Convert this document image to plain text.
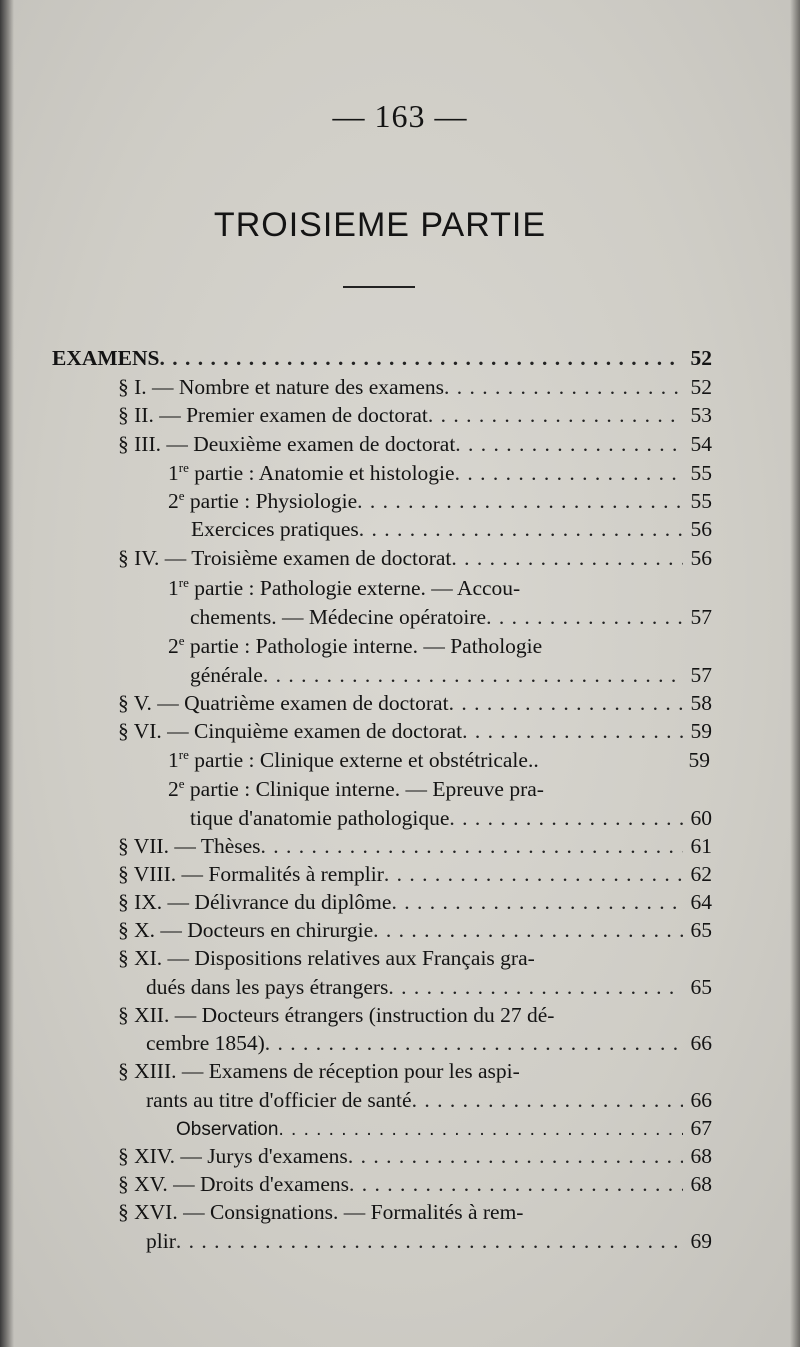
— 163 —
TROISIEME PARTIE
EXAMENS . . .	52
§ I. — Nombre et nature des examens . . .	52
§ II. — Premier examen de doctorat . . .	53
§ III. — Deuxième examen de doctorat . . .	54
1re partie : Anatomie et histologie . . .	55
2e partie : Physiologie . . .	55
Exercices pratiques . . .	56
§ IV. — Troisième examen de doctorat . . .	56
1re partie : Pathologie externe. — Accou-
chements. — Médecine opératoire . . .	57
2e partie : Pathologie interne. — Pathologie
générale . . .	57
§ V. — Quatrième examen de doctorat . . .	58
§ VI. — Cinquième examen de doctorat . . .	59
1re partie : Clinique externe et obstétricale..	59
2e partie : Clinique interne. — Epreuve pra-
tique d'anatomie pathologique . . .	60
§ VII. — Thèses . . .	61
§ VIII. — Formalités à remplir . . .	62
§ IX. — Délivrance du diplôme . . .	64
§ X. — Docteurs en chirurgie . . .	65
§ XI. — Dispositions relatives aux Français gra-
dués dans les pays étrangers . . .	65
§ XII. — Docteurs étrangers (instruction du 27 dé-
cembre 1854) . . .	66
§ XIII. — Examens de réception pour les aspi-
rants au titre d'officier de santé . . .	66
Observation . . .	67
§ XIV. — Jurys d'examens . . .	68
§ XV. — Droits d'examens . . .	68
§ XVI. — Consignations. — Formalités à rem-
plir . . .	69
